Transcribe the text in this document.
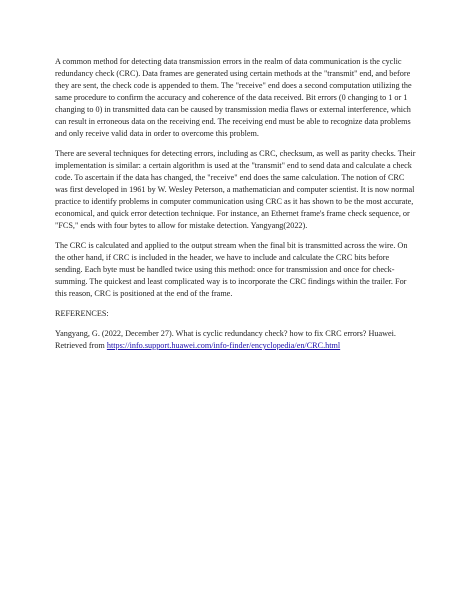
A common method for detecting data transmission errors in the realm of data communication is the cyclic redundancy check (CRC). Data frames are generated using certain methods at the "transmit" end, and before they are sent, the check code is appended to them. The "receive" end does a second computation utilizing the same procedure to confirm the accuracy and coherence of the data received. Bit errors (0 changing to 1 or 1 changing to 0) in transmitted data can be caused by transmission media flaws or external interference, which can result in erroneous data on the receiving end. The receiving end must be able to recognize data problems and only receive valid data in order to overcome this problem.

There are several techniques for detecting errors, including as CRC, checksum, as well as parity checks. Their implementation is similar: a certain algorithm is used at the "transmit" end to send data and calculate a check code. To ascertain if the data has changed, the "receive" end does the same calculation. The notion of CRC was first developed in 1961 by W. Wesley Peterson, a mathematician and computer scientist. It is now normal practice to identify problems in computer communication using CRC as it has shown to be the most accurate, economical, and quick error detection technique. For instance, an Ethernet frame's frame check sequence, or "FCS," ends with four bytes to allow for mistake detection. Yangyang(2022).

The CRC is calculated and applied to the output stream when the final bit is transmitted across the wire. On the other hand, if CRC is included in the header, we have to include and calculate the CRC bits before sending. Each byte must be handled twice using this method: once for transmission and once for check-summing. The quickest and least complicated way is to incorporate the CRC findings within the trailer. For this reason, CRC is positioned at the end of the frame.

REFERENCES:

Yangyang, G. (2022, December 27). What is cyclic redundancy check? how to fix CRC errors? Huawei. Retrieved from https://info.support.huawei.com/info-finder/encyclopedia/en/CRC.html
